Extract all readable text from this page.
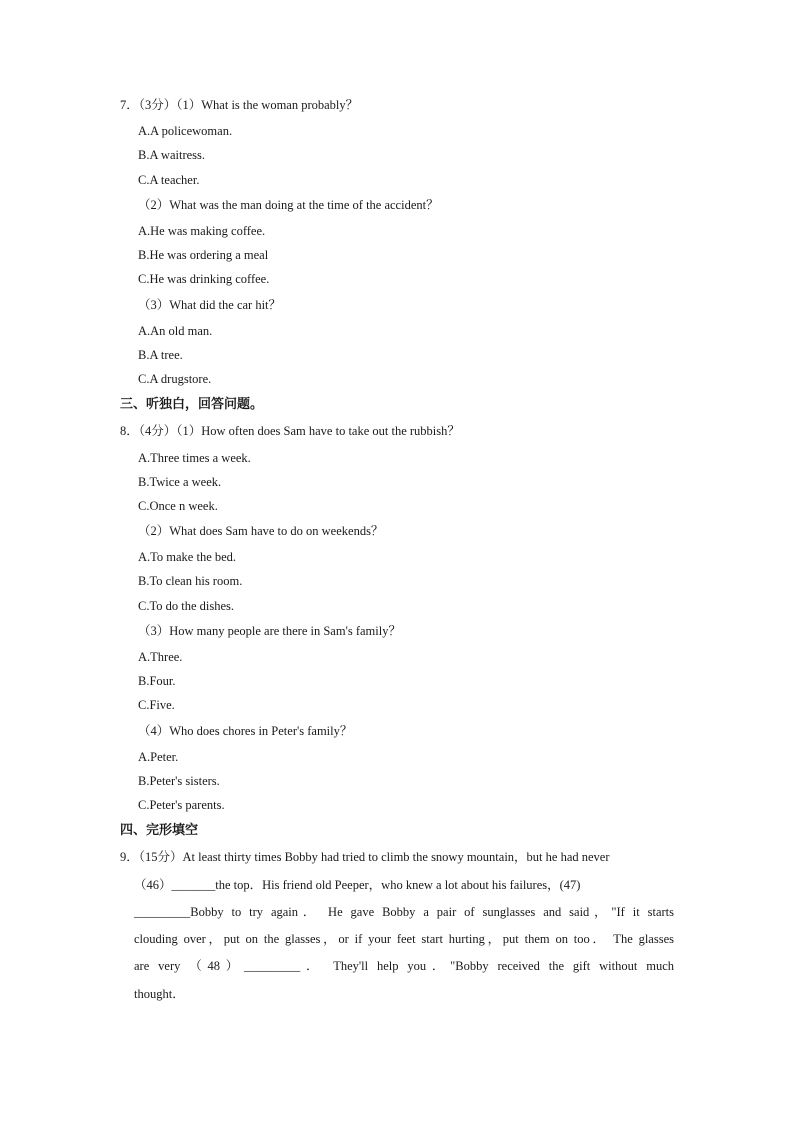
7．（3分）（1）What is the woman probably？
A.A policewoman.
B.A waitress.
C.A teacher.
（2）What was the man doing at the time of the accident？
A.He was making coffee.
B.He was ordering a meal
C.He was drinking coffee.
（3）What did the car hit？
A.An old man.
B.A tree.
C.A drugstore.
三、听独白，回答问题。
8．（4分）（1）How often does Sam have to take out the rubbish？
A.Three times a week.
B.Twice a week.
C.Once n week.
（2）What does Sam have to do on weekends？
A.To make the bed.
B.To clean his room.
C.To do the dishes.
（3）How many people are there in Sam's family？
A.Three.
B.Four.
C.Five.
（4）Who does chores in Peter's family？
A.Peter.
B.Peter's sisters.
C.Peter's parents.
四、完形填空
9．（15分）At least thirty times Bobby had tried to climb the snowy mountain，but he had never
（46）_______the top．His friend old Peeper，who knew a lot about his failures，(47)
_________Bobby to try again． He gave Bobby a pair of sunglasses and said，"If it starts
clouding over，put on the glasses，or if your feet start hurting，put them on too． The glasses
are very （48）_________． They'll help you．"Bobby received the gift without much
thought．
